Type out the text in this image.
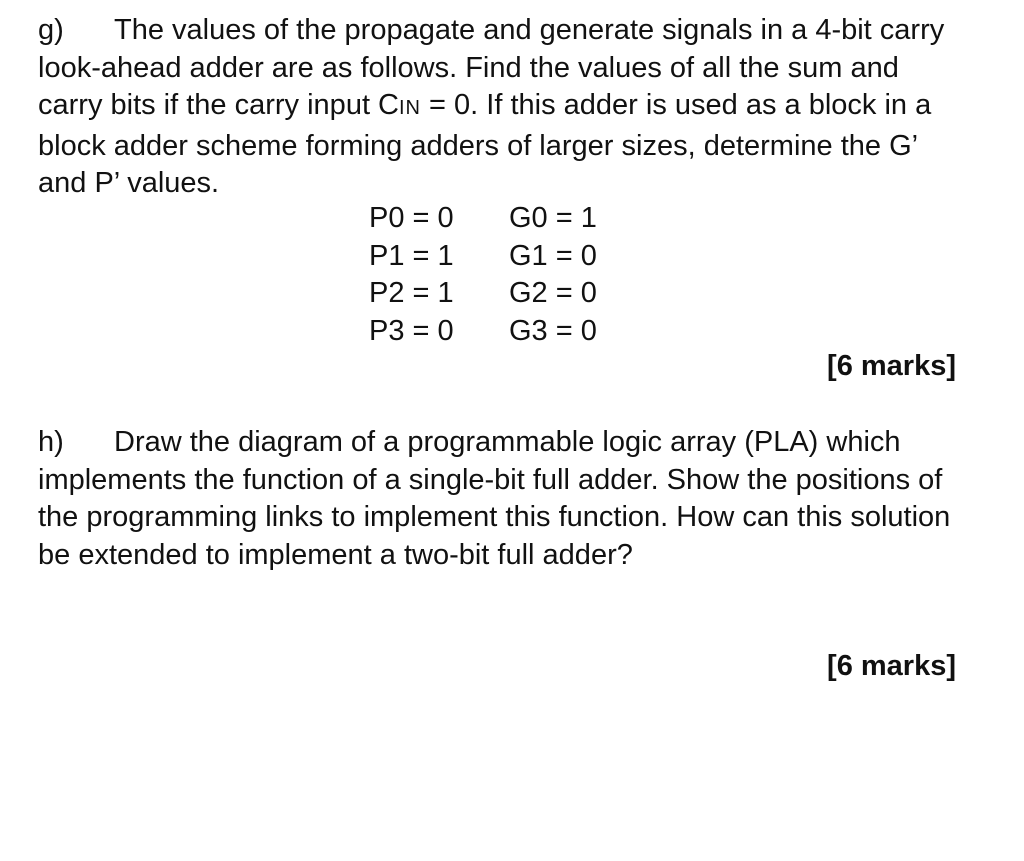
g) The values of the propagate and generate signals in a 4-bit carry look-ahead adder are as follows. Find the values of all the sum and carry bits if the carry input CIN = 0. If this adder is used as a block in a block adder scheme forming adders of larger sizes, determine the G’ and P’ values.
P0 = 0	G0 = 1
P1 = 1	G1 = 0
P2 = 1	G2 = 0
P3 = 0	G3 = 0
[6 marks]
h) Draw the diagram of a programmable logic array (PLA) which implements the function of a single-bit full adder. Show the positions of the programming links to implement this function. How can this solution be extended to implement a two-bit full adder?
[6 marks]
